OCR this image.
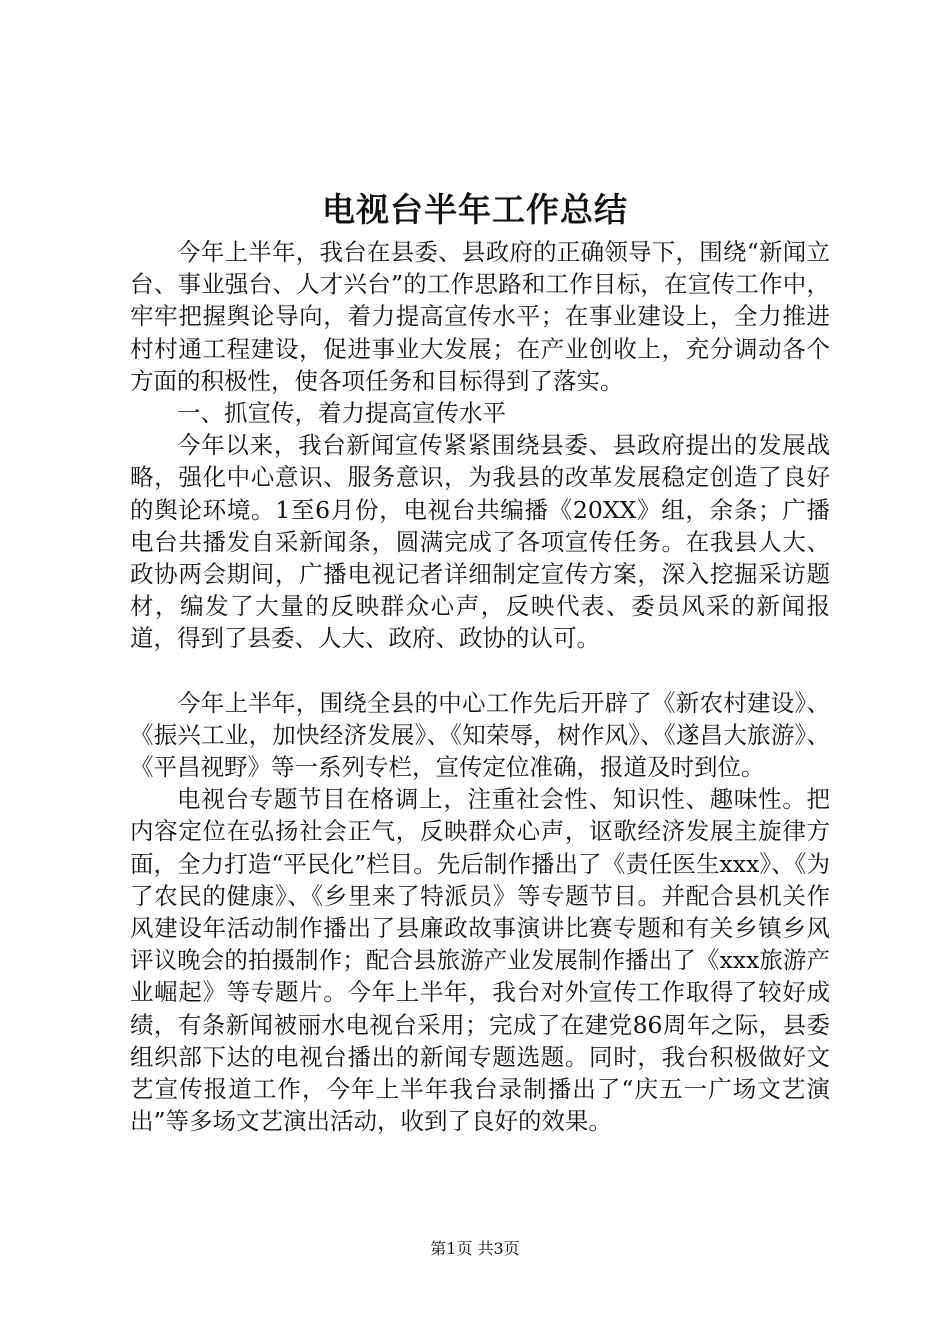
电视台半年工作总结

今年上半年，我台在县委、县政府的正确领导下，围绕“新闻立台、事业强台、人才兴台”的工作思路和工作目标，在宣传工作中，牢牢把握舆论导向，着力提高宣传水平；在事业建设上，全力推进村村通工程建设，促进事业大发展；在产业创收上，充分调动各个方面的积极性，使各项任务和目标得到了落实。

一、抓宣传，着力提高宣传水平

今年以来，我台新闻宣传紧紧围绕县委、县政府提出的发展战略，强化中心意识、服务意识，为我县的改革发展稳定创造了良好的舆论环境。1至6月份，电视台共编播《20XX》组，余条；广播电台共播发自采新闻条，圆满完成了各项宣传任务。在我县人大、政协两会期间，广播电视记者详细制定宣传方案，深入挖掘采访题材，编发了大量的反映群众心声，反映代表、委员风采的新闻报道，得到了县委、人大、政府、政协的认可。

今年上半年，围绕全县的中心工作先后开辟了《新农村建设》、《振兴工业，加快经济发展》、《知荣辱，树作风》、《遂昌大旅游》、《平昌视野》等一系列专栏，宣传定位准确，报道及时到位。

电视台专题节目在格调上，注重社会性、知识性、趣味性。把内容定位在弘扬社会正气，反映群众心声，讴歌经济发展主旋律方面，全力打造“平民化”栏目。先后制作播出了《责任医生xxx》、《为了农民的健康》、《乡里来了特派员》等专题节目。并配合县机关作风建设年活动制作播出了县廉政故事演讲比赛专题和有关乡镇乡风评议晚会的拍摄制作；配合县旅游产业发展制作播出了《xxx旅游产业崛起》等专题片。今年上半年，我台对外宣传工作取得了较好成绩，有条新闻被丽水电视台采用；完成了在建党86周年之际，县委组织部下达的电视台播出的新闻专题选题。同时，我台积极做好文艺宣传报道工作，今年上半年我台录制播出了“庆五一广场文艺演出”等多场文艺演出活动，收到了良好的效果。

第1页 共3页
